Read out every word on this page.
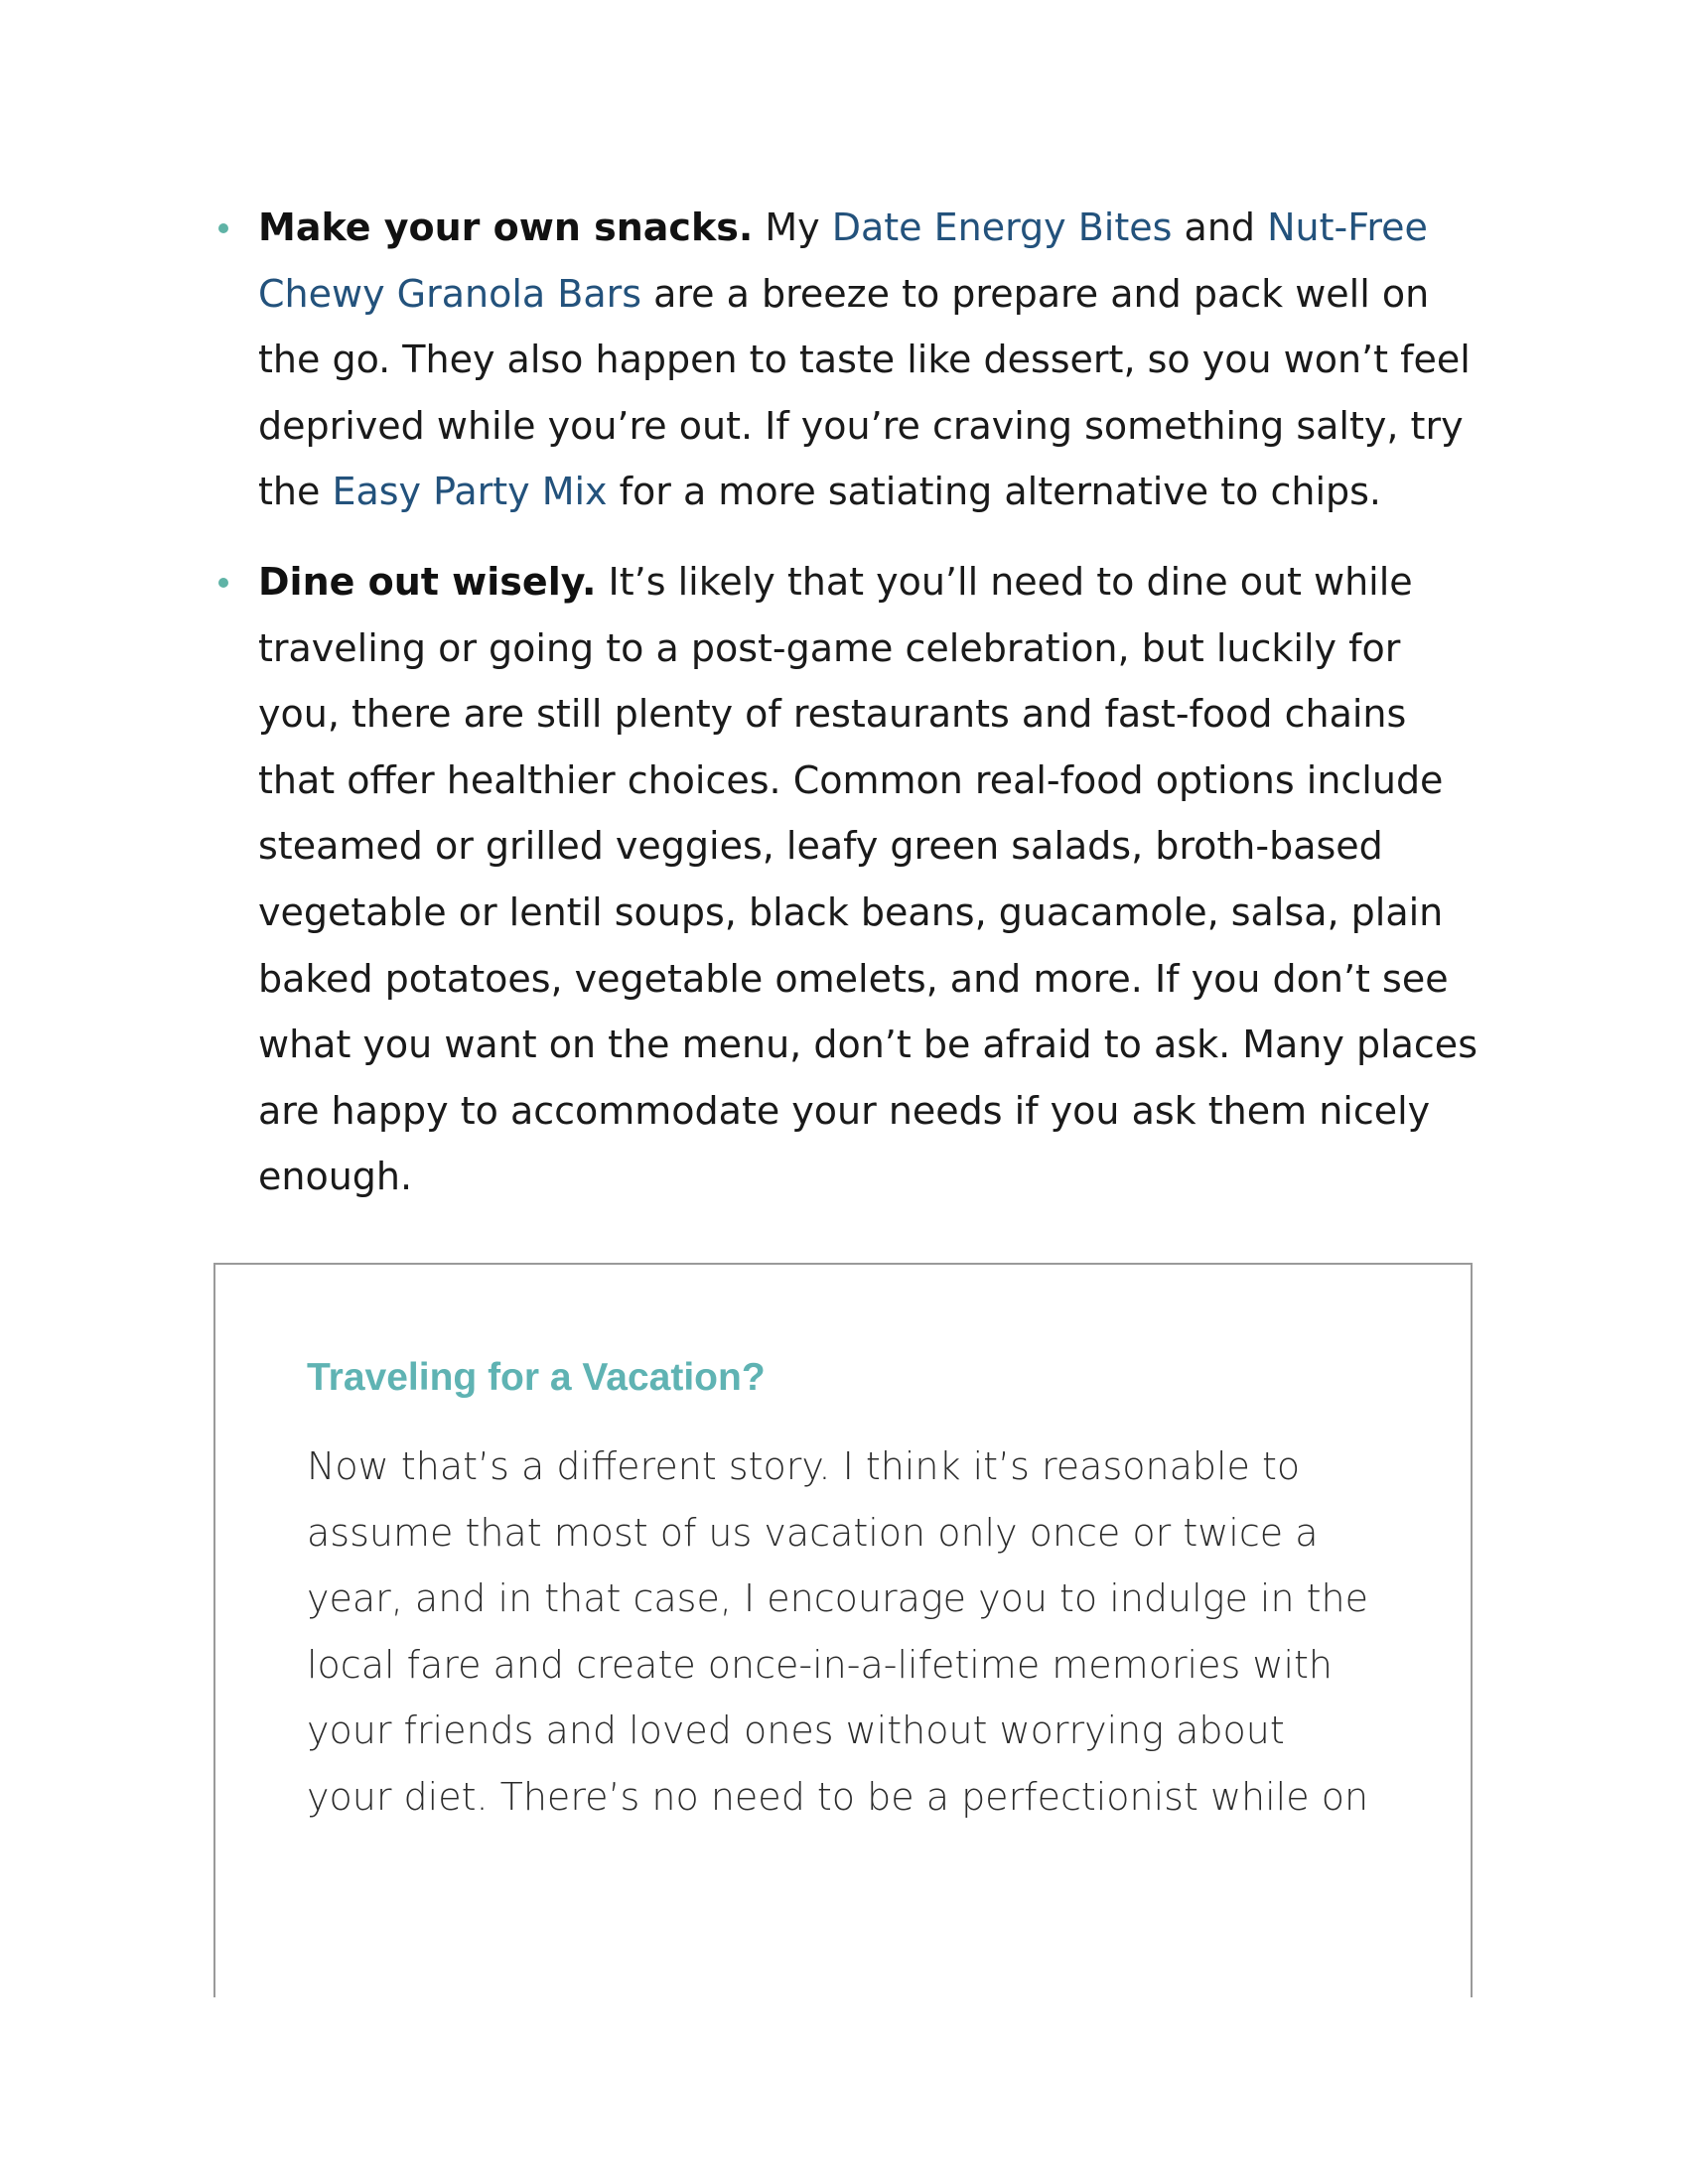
Make your own snacks. My Date Energy Bites and Nut-Free Chewy Granola Bars are a breeze to prepare and pack well on the go. They also happen to taste like dessert, so you won’t feel deprived while you’re out. If you’re craving something salty, try the Easy Party Mix for a more satiating alternative to chips.
Dine out wisely. It’s likely that you’ll need to dine out while traveling or going to a post-game celebration, but luckily for you, there are still plenty of restaurants and fast-food chains that offer healthier choices. Common real-food options include steamed or grilled veggies, leafy green salads, broth-based vegetable or lentil soups, black beans, guacamole, salsa, plain baked potatoes, vegetable omelets, and more. If you don’t see what you want on the menu, don’t be afraid to ask. Many places are happy to accommodate your needs if you ask them nicely enough.
Traveling for a Vacation?

Now that’s a different story. I think it’s reasonable to assume that most of us vacation only once or twice a year, and in that case, I encourage you to indulge in the local fare and create once-in-a-lifetime memories with your friends and loved ones without worrying about your diet. There’s no need to be a perfectionist while on
